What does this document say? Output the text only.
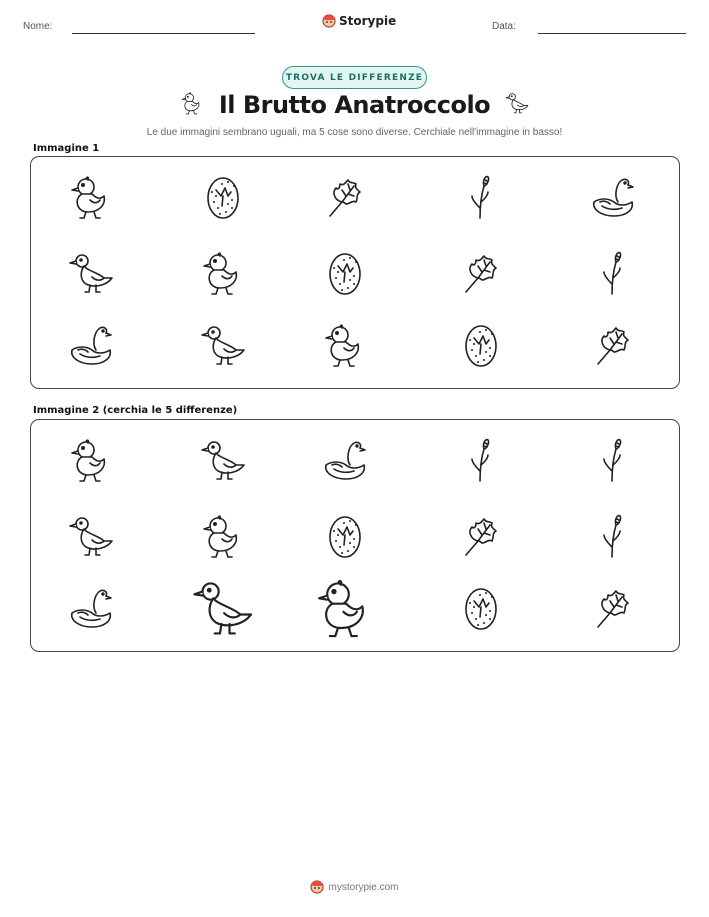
Nome:	Storypie	Data:
TROVA LE DIFFERENZE
Il Brutto Anatroccolo
Le due immagini sembrano uguali, ma 5 cose sono diverse. Cerchiale nell'immagine in basso!
Immagine 1
Immagine 2 (cerchia le 5 differenze)
mystorypie.com
